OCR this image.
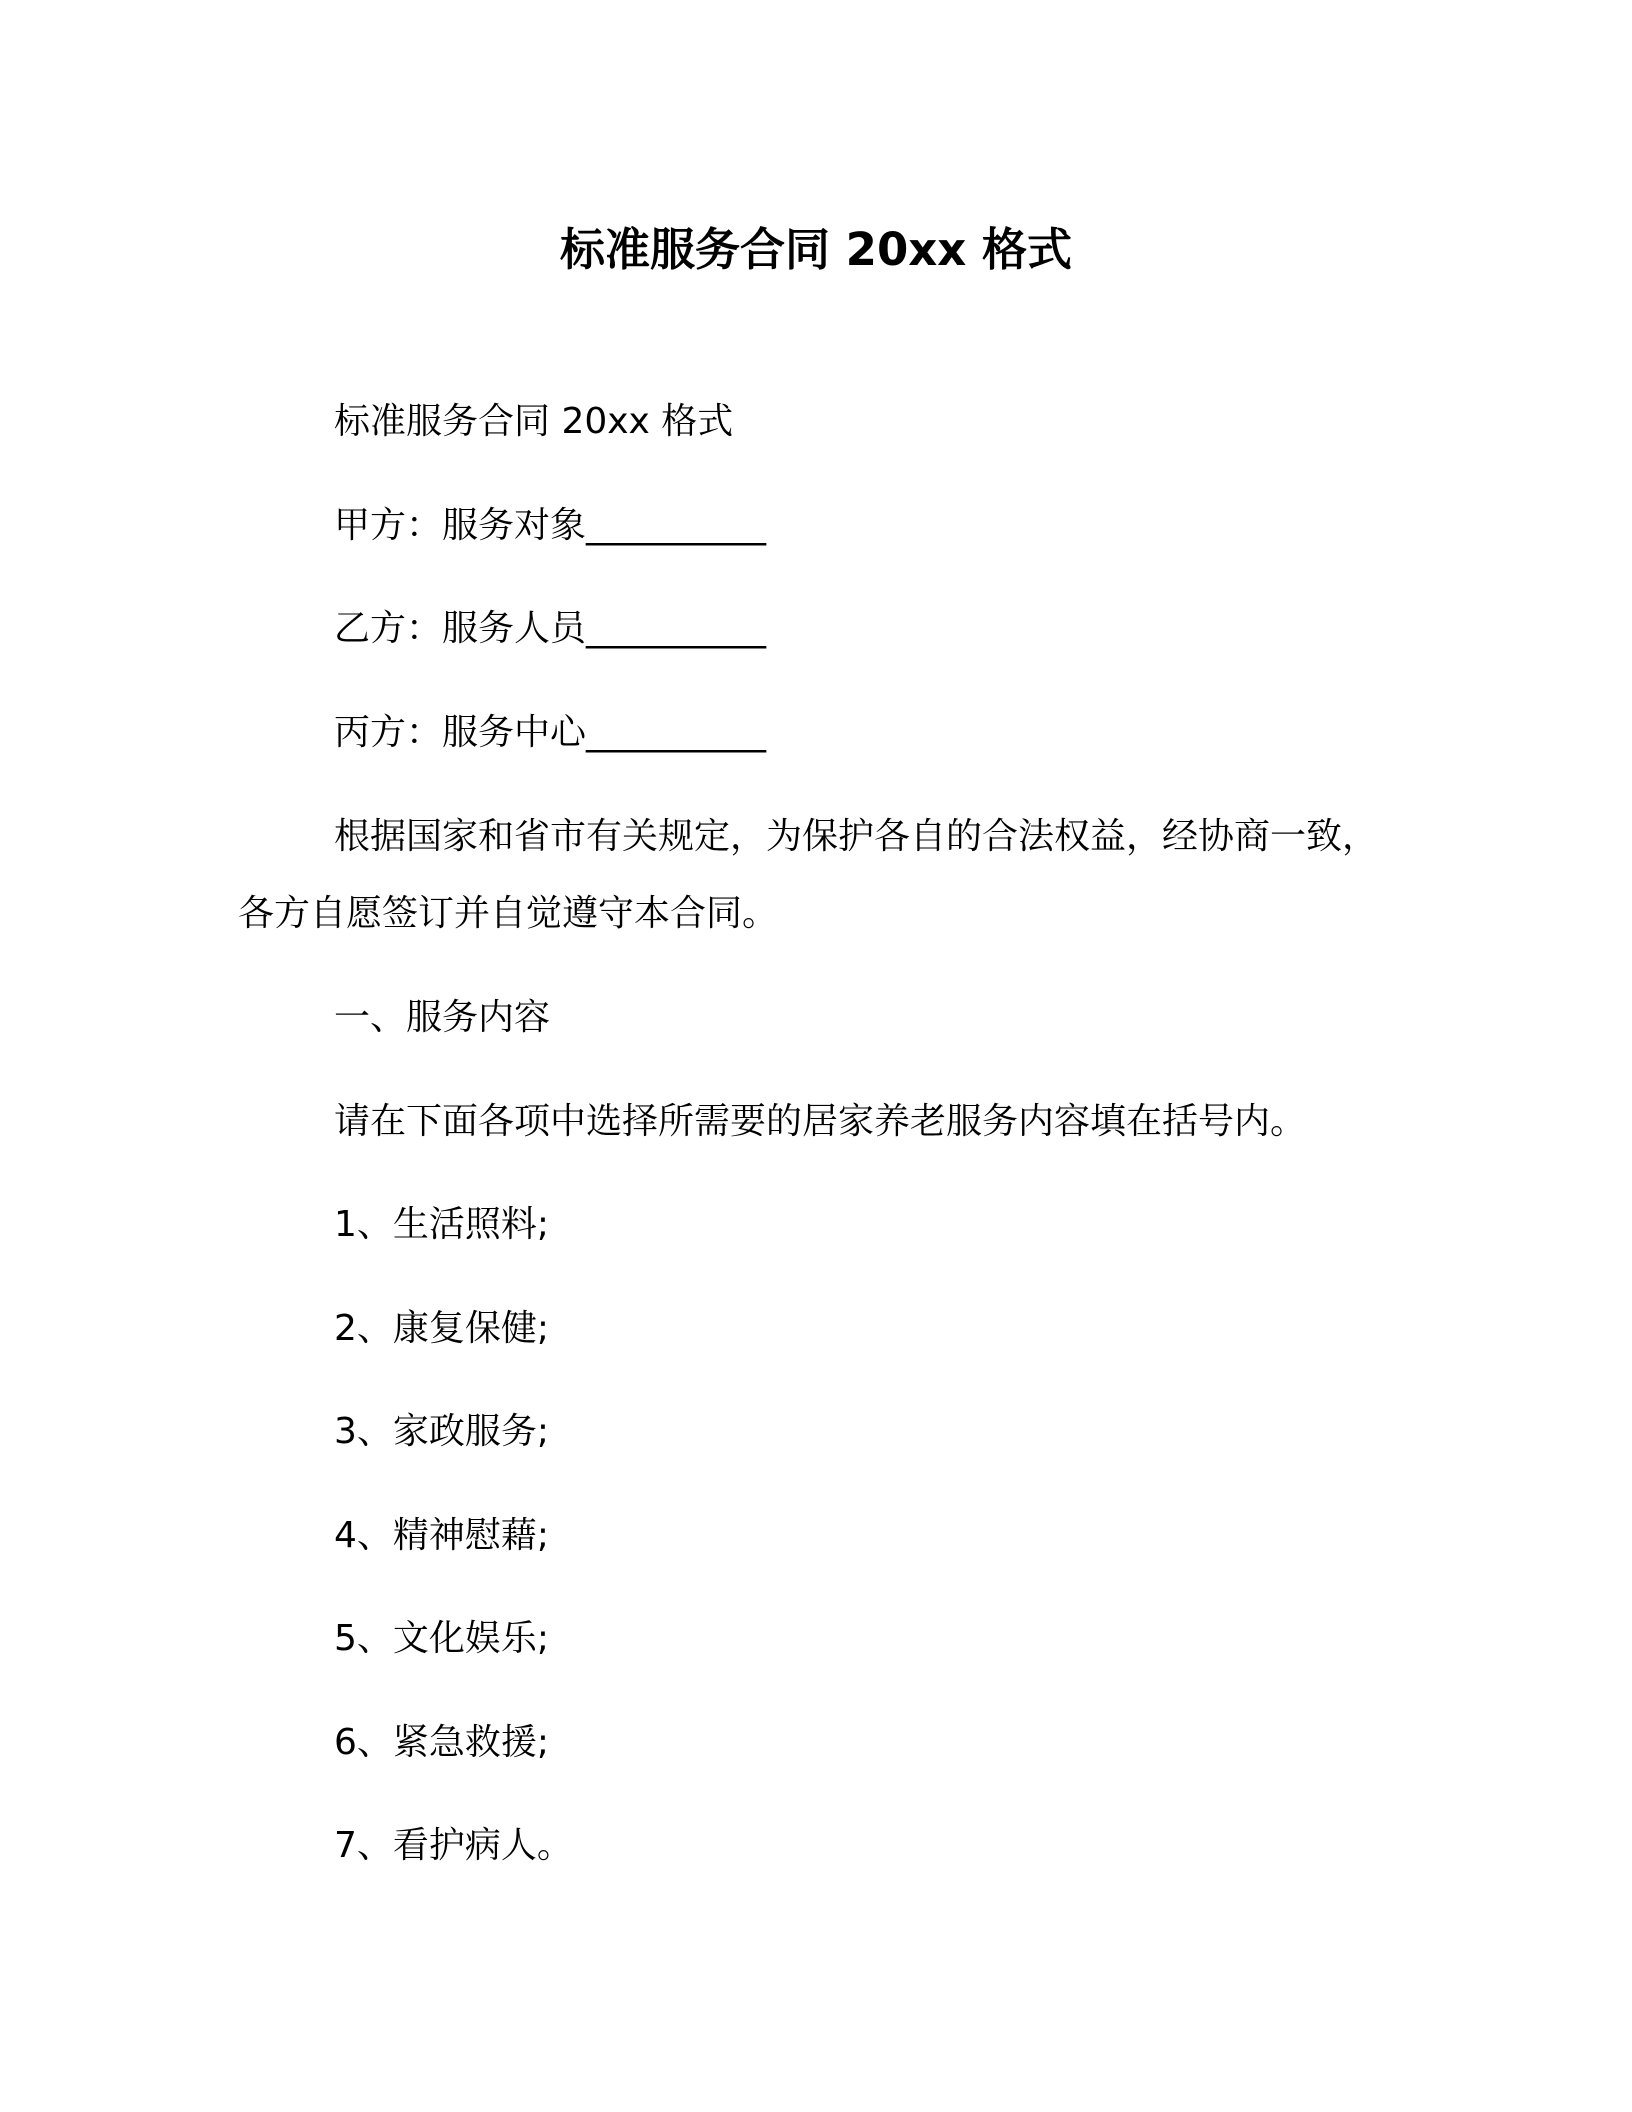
标准服务合同 20xx 格式

标准服务合同 20xx 格式

甲方：服务对象__________

乙方：服务人员__________

丙方：服务中心__________

根据国家和省市有关规定，为保护各自的合法权益，经协商一致，

各方自愿签订并自觉遵守本合同。

一、服务内容

请在下面各项中选择所需要的居家养老服务内容填在括号内。

1、生活照料;

2、康复保健;

3、家政服务;

4、精神慰藉;

5、文化娱乐;

6、紧急救援;

7、看护病人。
